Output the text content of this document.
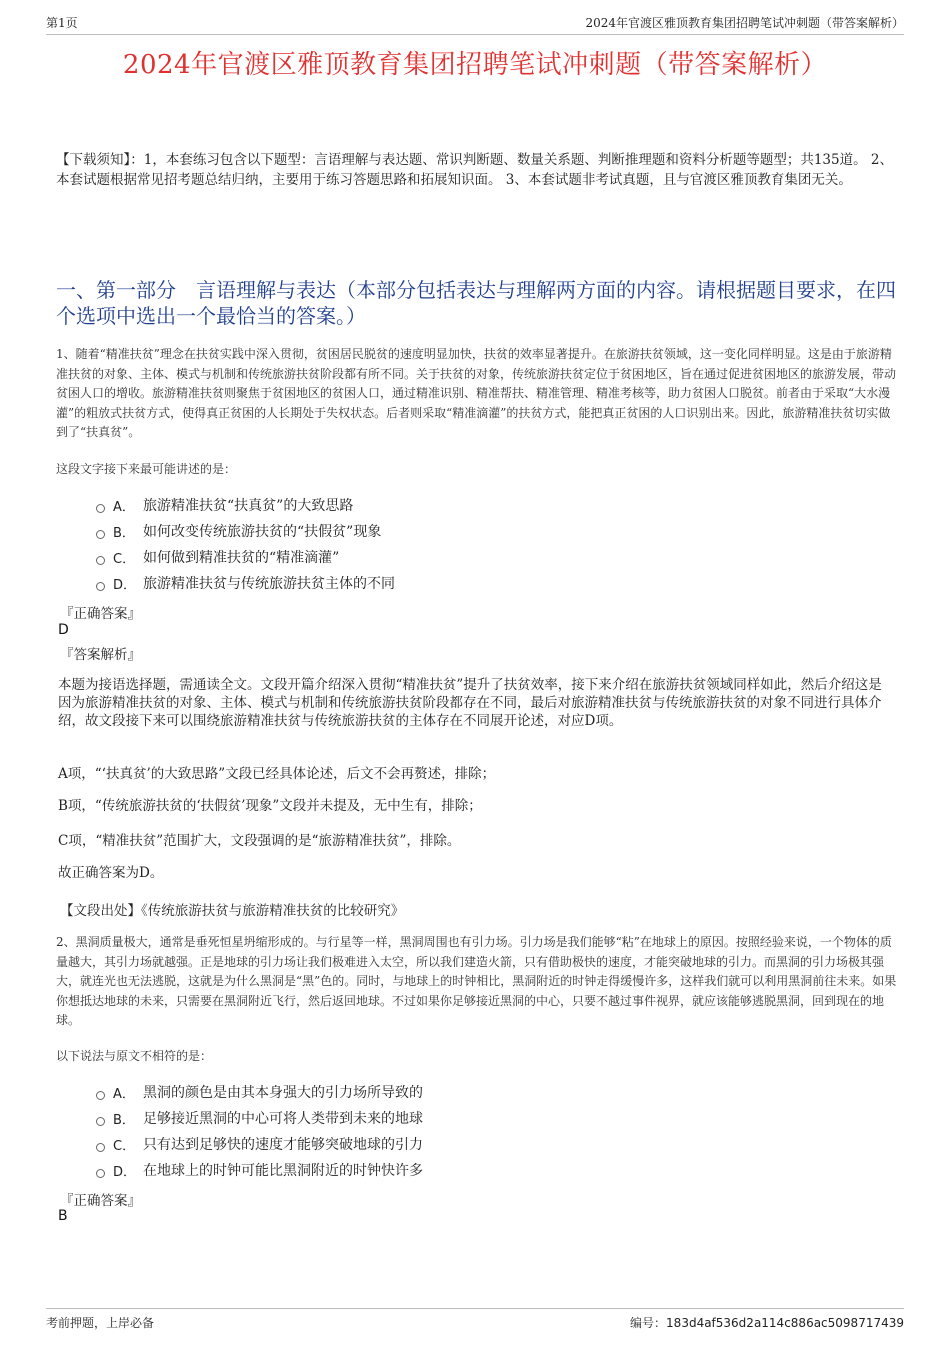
第1页	2024年官渡区雅顶教育集团招聘笔试冲刺题（带答案解析）
2024年官渡区雅顶教育集团招聘笔试冲刺题（带答案解析）
【下载须知】：1，本套练习包含以下题型：言语理解与表达题、常识判断题、数量关系题、判断推理题和资料分析题等题型；共135道。 2、本套试题根据常见招考题总结归纳，主要用于练习答题思路和拓展知识面。 3、本套试题非考试真题，且与官渡区雅顶教育集团无关。
一、第一部分　言语理解与表达（本部分包括表达与理解两方面的内容。请根据题目要求，在四个选项中选出一个最恰当的答案。）
1、随着“精准扶贫”理念在扶贫实践中深入贯彻，贫困居民脱贫的速度明显加快，扶贫的效率显著提升。在旅游扶贫领域，这一变化同样明显。这是由于旅游精准扶贫的对象、主体、模式与机制和传统旅游扶贫阶段都有所不同。关于扶贫的对象，传统旅游扶贫定位于贫困地区，旨在通过促进贫困地区的旅游发展，带动贫困人口的增收。旅游精准扶贫则聚焦于贫困地区的贫困人口，通过精准识别、精准帮扶、精准管理、精准考核等，助力贫困人口脱贫。前者由于采取“大水漫灌”的粗放式扶贫方式，使得真正贫困的人长期处于失权状态。后者则采取“精准滴灌”的扶贫方式，能把真正贫困的人口识别出来。因此，旅游精准扶贫切实做到了“扶真贫”。
这段文字接下来最可能讲述的是：
A． 旅游精准扶贫“扶真贫”的大致思路
B． 如何改变传统旅游扶贫的“扶假贫”现象
C． 如何做到精准扶贫的“精准滴灌”
D． 旅游精准扶贫与传统旅游扶贫主体的不同
『正确答案』
D
『答案解析』
本题为接语选择题，需通读全文。文段开篇介绍深入贯彻“精准扶贫”提升了扶贫效率，接下来介绍在旅游扶贫领域同样如此，然后介绍这是因为旅游精准扶贫的对象、主体、模式与机制和传统旅游扶贫阶段都存在不同，最后对旅游精准扶贫与传统旅游扶贫的对象不同进行具体介绍，故文段接下来可以围绕旅游精准扶贫与传统旅游扶贫的主体存在不同展开论述，对应D项。
A项，“‘扶真贫’的大致思路”文段已经具体论述，后文不会再赘述，排除；
B项，“传统旅游扶贫的‘扶假贫’现象”文段并未提及，无中生有，排除；
C项，“精准扶贫”范围扩大，文段强调的是“旅游精准扶贫”，排除。
故正确答案为D。
【文段出处】《传统旅游扶贫与旅游精准扶贫的比较研究》
2、黑洞质量极大，通常是垂死恒星坍缩形成的。与行星等一样，黑洞周围也有引力场。引力场是我们能够“粘”在地球上的原因。按照经验来说，一个物体的质量越大，其引力场就越强。正是地球的引力场让我们极难进入太空，所以我们建造火箭，只有借助极快的速度，才能突破地球的引力。而黑洞的引力场极其强大，就连光也无法逃脱，这就是为什么黑洞是“黑”色的。同时，与地球上的时钟相比，黑洞附近的时钟走得缓慢许多，这样我们就可以利用黑洞前往未来。如果你想抵达地球的未来，只需要在黑洞附近飞行，然后返回地球。不过如果你足够接近黑洞的中心，只要不越过事件视界，就应该能够逃脱黑洞，回到现在的地球。
以下说法与原文不相符的是：
A． 黑洞的颜色是由其本身强大的引力场所导致的
B． 足够接近黑洞的中心可将人类带到未来的地球
C． 只有达到足够快的速度才能够突破地球的引力
D． 在地球上的时钟可能比黑洞附近的时钟快许多
『正确答案』
B
考前押题，上岸必备	编号：183d4af536d2a114c886ac5098717439
